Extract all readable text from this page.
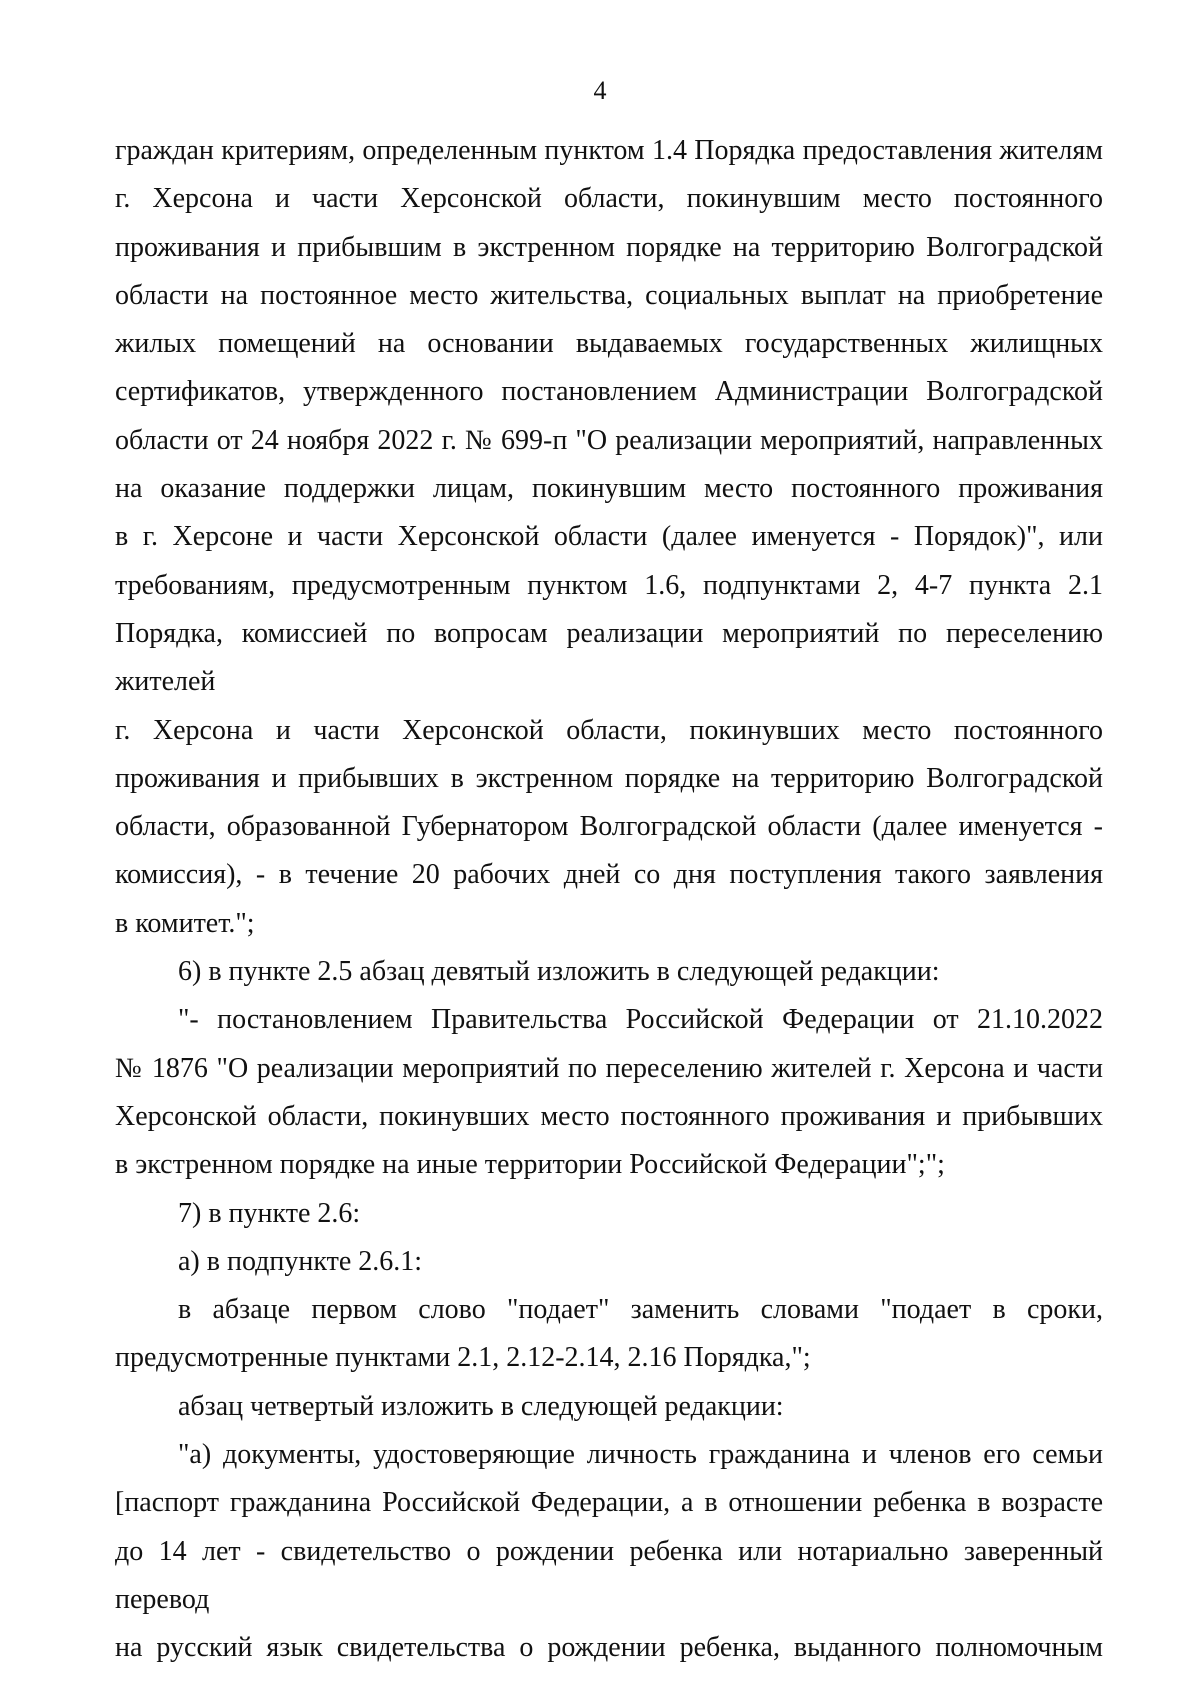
4

граждан критериям, определенным пунктом 1.4 Порядка предоставления жителям

г. Херсона и части Херсонской области, покинувшим место постоянного

проживания и прибывшим в экстренном порядке на территорию Волгоградской

области на постоянное место жительства, социальных выплат на приобретение

жилых помещений на основании выдаваемых государственных жилищных

сертификатов, утвержденного постановлением Администрации Волгоградской

области от 24 ноября 2022 г. № 699-п "О реализации мероприятий, направленных

на оказание поддержки лицам, покинувшим место постоянного проживания

в г. Херсоне и части Херсонской области (далее именуется - Порядок)", или

требованиям, предусмотренным пунктом 1.6, подпунктами 2, 4-7 пункта 2.1

Порядка, комиссией по вопросам реализации мероприятий по переселению жителей

г. Херсона и части Херсонской области, покинувших место постоянного

проживания и прибывших в экстренном порядке на территорию Волгоградской

области, образованной Губернатором Волгоградской области (далее именуется -

комиссия), - в течение 20 рабочих дней со дня поступления такого заявления

в комитет.";

6) в пункте 2.5 абзац девятый изложить в следующей редакции:

"- постановлением Правительства Российской Федерации от 21.10.2022

№ 1876 "О реализации мероприятий по переселению жителей г. Херсона и части

Херсонской области, покинувших место постоянного проживания и прибывших

в экстренном порядке на иные территории Российской Федерации";";

7) в пункте 2.6:

а) в подпункте 2.6.1:

в абзаце первом слово "подает" заменить словами "подает в сроки,

предусмотренные пунктами 2.1, 2.12-2.14, 2.16 Порядка,";

абзац четвертый изложить в следующей редакции:

"а) документы, удостоверяющие личность гражданина и членов его семьи

[паспорт гражданина Российской Федерации, а в отношении ребенка в возрасте

до 14 лет - свидетельство о рождении ребенка или нотариально заверенный перевод

на русский язык свидетельства о рождении ребенка, выданного полномочным
